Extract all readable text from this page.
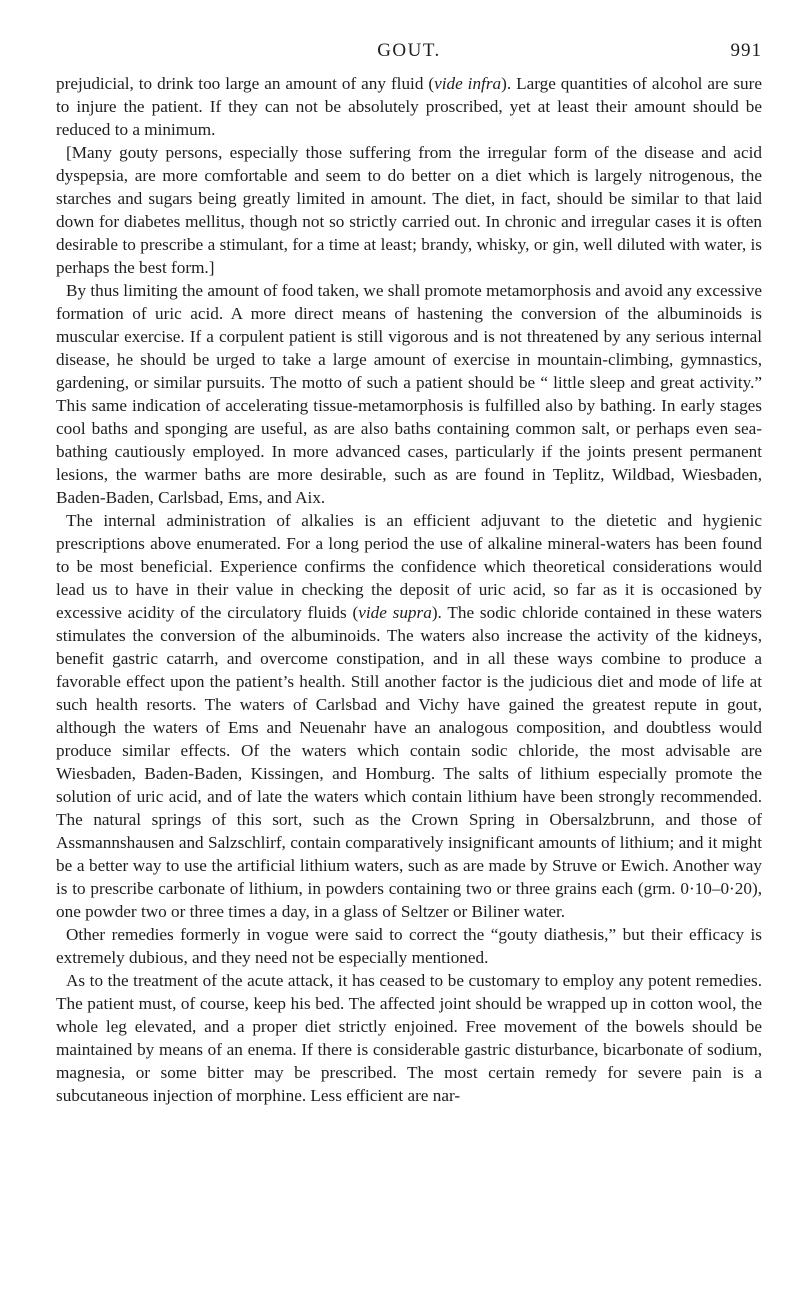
GOUT.	991

prejudicial, to drink too large an amount of any fluid (vide infra). Large quantities of alcohol are sure to injure the patient. If they can not be absolutely proscribed, yet at least their amount should be reduced to a minimum.

[Many gouty persons, especially those suffering from the irregular form of the disease and acid dyspepsia, are more comfortable and seem to do better on a diet which is largely nitrogenous, the starches and sugars being greatly limited in amount. The diet, in fact, should be similar to that laid down for diabetes mellitus, though not so strictly carried out. In chronic and irregular cases it is often desirable to prescribe a stimulant, for a time at least; brandy, whisky, or gin, well diluted with water, is perhaps the best form.]

By thus limiting the amount of food taken, we shall promote metamorphosis and avoid any excessive formation of uric acid. A more direct means of hastening the conversion of the albuminoids is muscular exercise. If a corpulent patient is still vigorous and is not threatened by any serious internal disease, he should be urged to take a large amount of exercise in mountain-climbing, gymnastics, gardening, or similar pursuits. The motto of such a patient should be “ little sleep and great activity.” This same indication of accelerating tissue-metamorphosis is fulfilled also by bathing. In early stages cool baths and sponging are useful, as are also baths containing common salt, or perhaps even sea-bathing cautiously employed. In more advanced cases, particularly if the joints present permanent lesions, the warmer baths are more desirable, such as are found in Teplitz, Wildbad, Wiesbaden, Baden-Baden, Carlsbad, Ems, and Aix.

The internal administration of alkalies is an efficient adjuvant to the dietetic and hygienic prescriptions above enumerated. For a long period the use of alkaline mineral-waters has been found to be most beneficial. Experience confirms the confidence which theoretical considerations would lead us to have in their value in checking the deposit of uric acid, so far as it is occasioned by excessive acidity of the circulatory fluids (vide supra). The sodic chloride contained in these waters stimulates the conversion of the albuminoids. The waters also increase the activity of the kidneys, benefit gastric catarrh, and overcome constipation, and in all these ways combine to produce a favorable effect upon the patient’s health. Still another factor is the judicious diet and mode of life at such health resorts. The waters of Carlsbad and Vichy have gained the greatest repute in gout, although the waters of Ems and Neuenahr have an analogous composition, and doubtless would produce similar effects. Of the waters which contain sodic chloride, the most advisable are Wiesbaden, Baden-Baden, Kissingen, and Homburg. The salts of lithium especially promote the solution of uric acid, and of late the waters which contain lithium have been strongly recommended. The natural springs of this sort, such as the Crown Spring in Obersalzbrunn, and those of Assmannshausen and Salzschlirf, contain comparatively insignificant amounts of lithium; and it might be a better way to use the artificial lithium waters, such as are made by Struve or Ewich. Another way is to prescribe carbonate of lithium, in powders containing two or three grains each (grm. 0·10–0·20), one powder two or three times a day, in a glass of Seltzer or Biliner water.

Other remedies formerly in vogue were said to correct the “gouty diathesis,” but their efficacy is extremely dubious, and they need not be especially mentioned.

As to the treatment of the acute attack, it has ceased to be customary to employ any potent remedies. The patient must, of course, keep his bed. The affected joint should be wrapped up in cotton wool, the whole leg elevated, and a proper diet strictly enjoined. Free movement of the bowels should be maintained by means of an enema. If there is considerable gastric disturbance, bicarbonate of sodium, magnesia, or some bitter may be prescribed. The most certain remedy for severe pain is a subcutaneous injection of morphine. Less efficient are nar-
